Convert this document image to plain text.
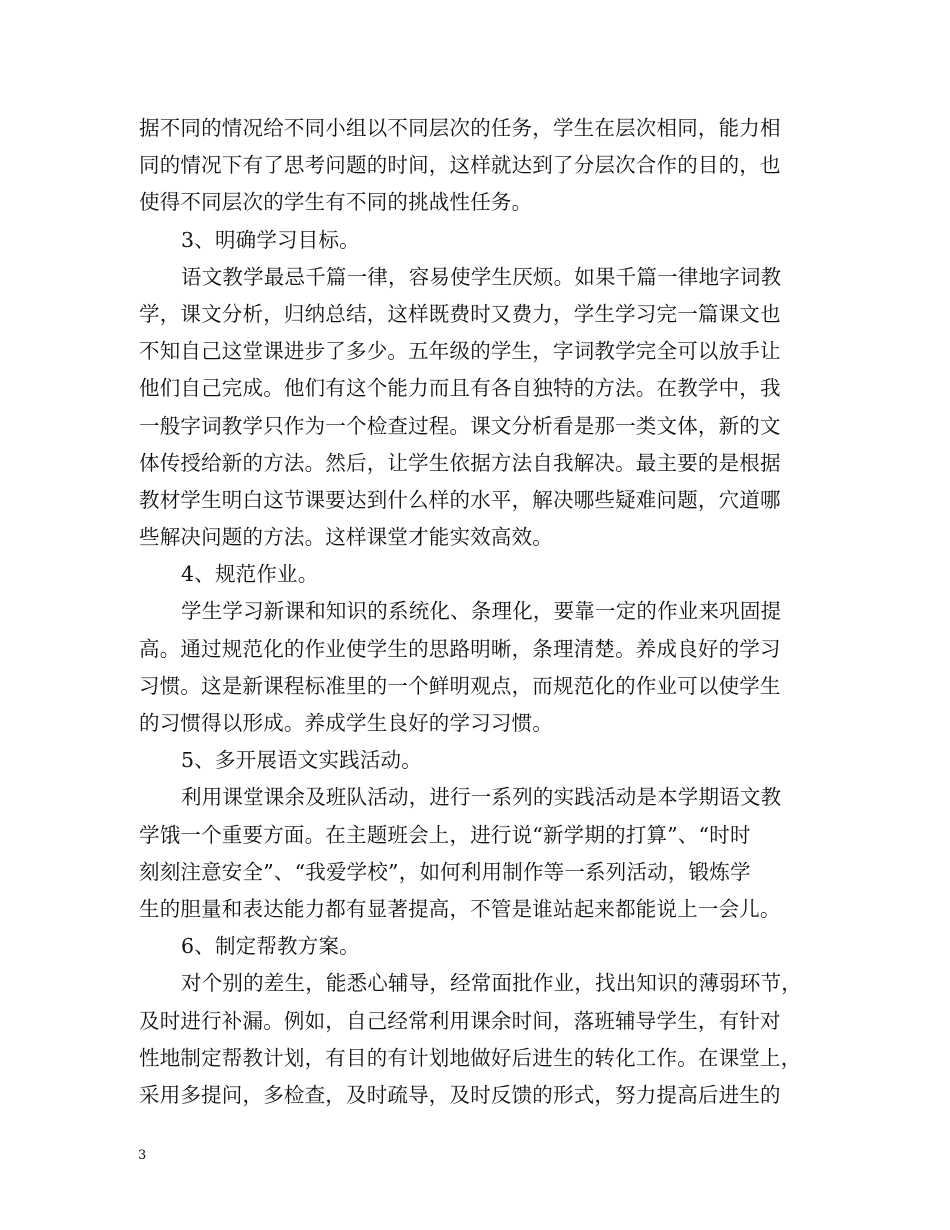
据不同的情况给不同小组以不同层次的任务，学生在层次相同，能力相
同的情况下有了思考问题的时间，这样就达到了分层次合作的目的，也
使得不同层次的学生有不同的挑战性任务。
3、明确学习目标。
语文教学最忌千篇一律，容易使学生厌烦。如果千篇一律地字词教
学，课文分析，归纳总结，这样既费时又费力，学生学习完一篇课文也
不知自己这堂课进步了多少。五年级的学生，字词教学完全可以放手让
他们自己完成。他们有这个能力而且有各自独特的方法。在教学中，我
一般字词教学只作为一个检查过程。课文分析看是那一类文体，新的文
体传授给新的方法。然后，让学生依据方法自我解决。最主要的是根据
教材学生明白这节课要达到什么样的水平，解决哪些疑难问题，穴道哪
些解决问题的方法。这样课堂才能实效高效。
4、规范作业。
学生学习新课和知识的系统化、条理化，要靠一定的作业来巩固提
高。通过规范化的作业使学生的思路明晰，条理清楚。养成良好的学习
习惯。这是新课程标准里的一个鲜明观点，而规范化的作业可以使学生
的习惯得以形成。养成学生良好的学习习惯。
5、多开展语文实践活动。
利用课堂课余及班队活动，进行一系列的实践活动是本学期语文教
学饿一个重要方面。在主题班会上，进行说“新学期的打算”、“时时
刻刻注意安全”、“我爱学校”，如何利用制作等一系列活动，锻炼学
生的胆量和表达能力都有显著提高，不管是谁站起来都能说上一会儿。
6、制定帮教方案。
对个别的差生，能悉心辅导，经常面批作业，找出知识的薄弱环节，
及时进行补漏。例如，自己经常利用课余时间，落班辅导学生，有针对
性地制定帮教计划，有目的有计划地做好后进生的转化工作。在课堂上，
采用多提问，多检查，及时疏导，及时反馈的形式，努力提高后进生的
3
